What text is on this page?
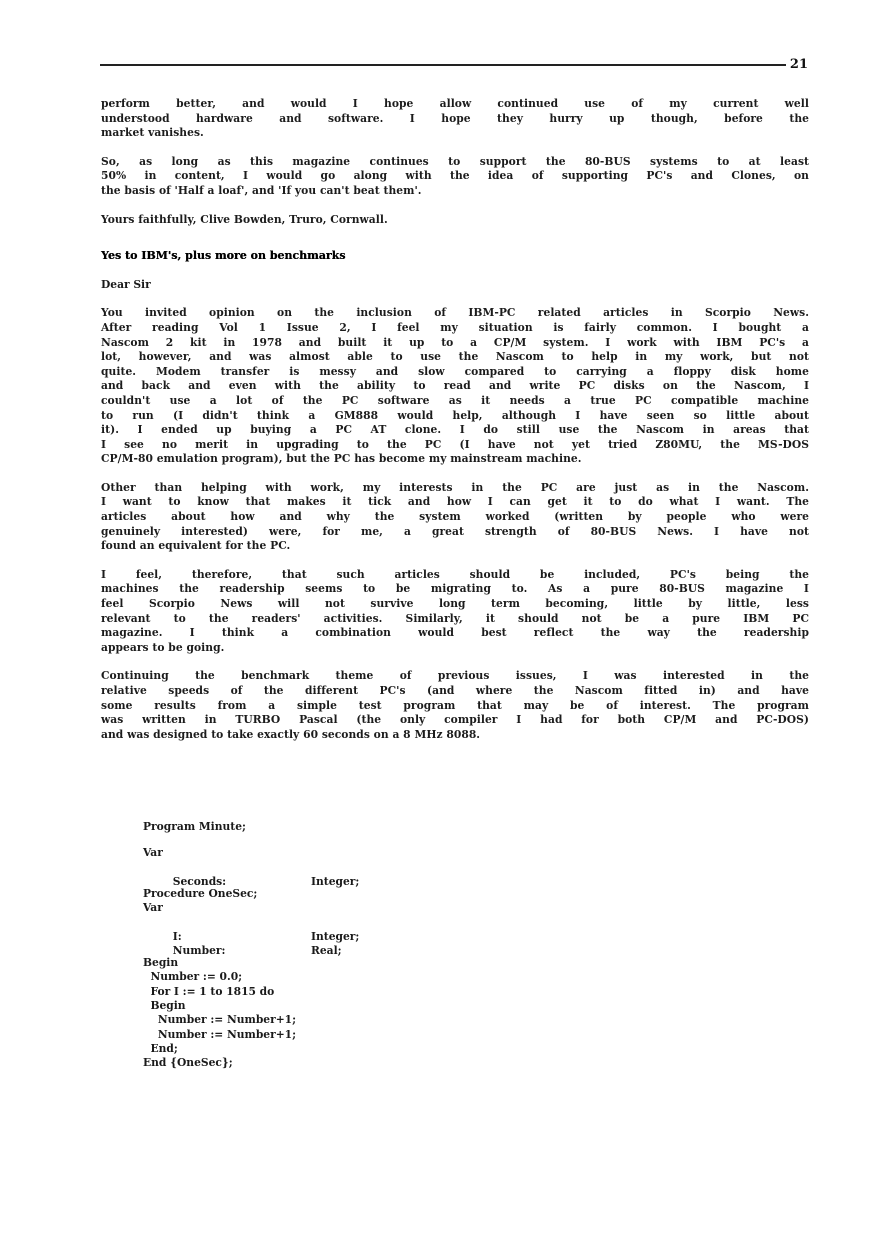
21
perform better, and would I hope allow continued use of my current well
understood hardware and software. I hope they hurry up though, before the
market vanishes.
So, as long as this magazine continues to support the 80-BUS systems to at least
50% in content, I would go along with the idea of supporting PC's and Clones, on
the basis of 'Half a loaf', and 'If you can't beat them'.
Yours faithfully, Clive Bowden, Truro, Cornwall.
Yes to IBM's, plus more on benchmarks
Dear Sir
You invited opinion on the inclusion of IBM-PC related articles in Scorpio News.
After reading Vol 1 Issue 2, I feel my situation is fairly common. I bought a
Nascom 2 kit in 1978 and built it up to a CP/M system. I work with IBM PC's a
lot, however, and was almost able to use the Nascom to help in my work, but not
quite. Modem transfer is messy and slow compared to carrying a floppy disk home
and back and even with the ability to read and write PC disks on the Nascom, I
couldn't use a lot of the PC software as it needs a true PC compatible machine
to run (I didn't think a GM888 would help, although I have seen so little about
it). I ended up buying a PC AT clone. I do still use the Nascom in areas that
I see no merit in upgrading to the PC (I have not yet tried Z80MU, the MS-DOS
CP/M-80 emulation program), but the PC has become my mainstream machine.
Other than helping with work, my interests in the PC are just as in the Nascom.
I want to know that makes it tick and how I can get it to do what I want. The
articles about how and why the system worked (written by people who were
genuinely interested) were, for me, a great strength of 80-BUS News. I have not
found an equivalent for the PC.
I feel, therefore, that such articles should be included, PC's being the
machines the readership seems to be migrating to. As a pure 80-BUS magazine I
feel Scorpio News will not survive long term becoming, little by little, less
relevant to the readers' activities. Similarly, it should not be a pure IBM PC
magazine. I think a combination would best reflect the way the readership
appears to be going.
Continuing the benchmark theme of previous issues, I was interested in the
relative speeds of the different PC's (and where the Nascom fitted in) and have
some results from a simple test program that may be of interest. The program
was written in TURBO Pascal (the only compiler I had for both CP/M and PC-DOS)
and was designed to take exactly 60 seconds on a 8 MHz 8088.
Program Minute;
Var

Seconds:	Integer;

Procedure OneSec;
Var

I:	Integer;

Number:	Real;

Begin
Number := 0.0;
For I := 1 to 1815 do
Begin
Number := Number+1;
Number := Number+1;
End;
End {OneSec};
